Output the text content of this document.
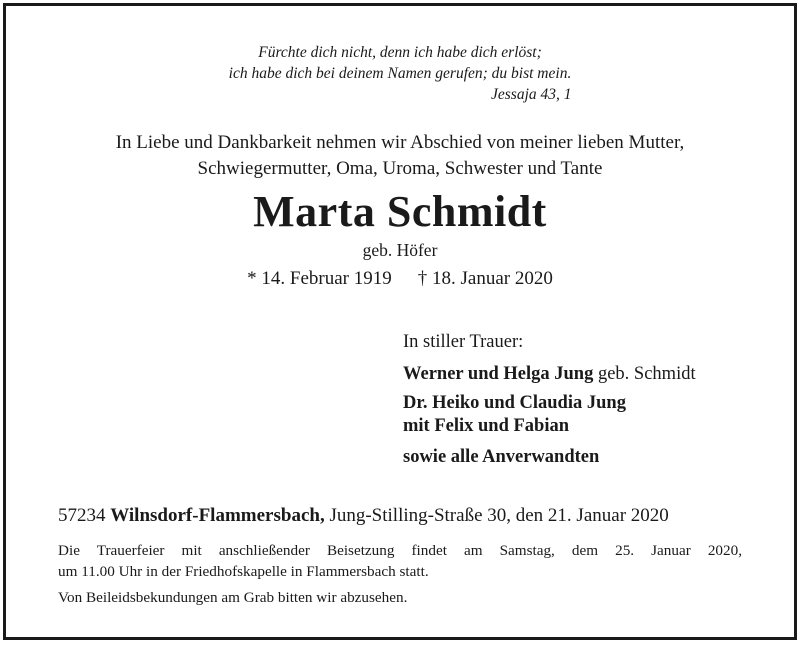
Fürchte dich nicht, denn ich habe dich erlöst;
ich habe dich bei deinem Namen gerufen; du bist mein.
Jessaja 43, 1
In Liebe und Dankbarkeit nehmen wir Abschied von meiner lieben Mutter,
Schwiegermutter, Oma, Uroma, Schwester und Tante
Marta Schmidt
geb. Höfer
* 14. Februar 1919 † 18. Januar 2020
In stiller Trauer:
Werner und Helga Jung geb. Schmidt
Dr. Heiko und Claudia Jung
mit Felix und Fabian
sowie alle Anverwandten
57234 Wilnsdorf-Flammersbach, Jung-Stilling-Straße 30, den 21. Januar 2020
Die Trauerfeier mit anschließender Beisetzung findet am Samstag, dem 25. Januar 2020,
um 11.00 Uhr in der Friedhofskapelle in Flammersbach statt.
Von Beileidsbekundungen am Grab bitten wir abzusehen.
